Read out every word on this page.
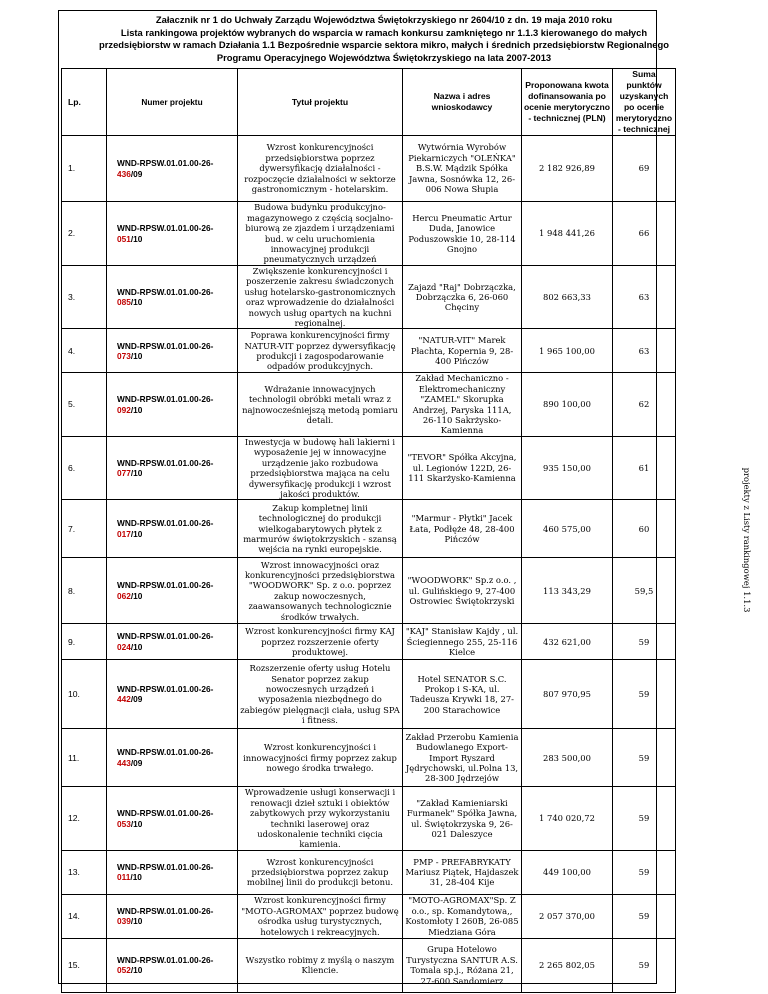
Załacznik nr 1 do Uchwały Zarządu Województwa Świętokrzyskiego nr 2604/10 z dn. 19 maja 2010 roku
Lista rankingowa projektów wybranych do wsparcia w ramach konkursu zamkniętego nr 1.1.3 kierowanego do małych
przedsiębiorstw w ramach Działania 1.1 Bezpośrednie wsparcie sektora mikro, małych i średnich przedsiębiorstw Regionalnego
Programu Operacyjnego Województwa Świętokrzyskiego na lata 2007-2013
Lp.	Numer projektu	Tytuł projektu	Nazwa i adres wnioskodawcy	Proponowana kwota dofinansowania po ocenie merytoryczno - technicznej (PLN)	Suma punktów uzyskanych po ocenie merytoryczno - technicznej	
1.	WND-RPSW.01.01.00-26-
436/09	Wzrost konkurencyjności przedsiębiorstwa poprzez dywersyfikację działalności - rozpoczęcie działalności w sektorze gastronomicznym - hotelarskim.	Wytwórnia Wyrobów Piekarniczych "OLEŃKA" B.S.W. Mądzik Spółka Jawna, Sosnówka 12, 26-006 Nowa Słupia	2 182 926,89	69	
2.	WND-RPSW.01.01.00-26-
051/10	Budowa budynku produkcyjno-magazynowego z częścią socjalno-biurową ze zjazdem i urządzeniami bud. w celu uruchomienia innowacyjnej produkcji pneumatycznych urządzeń	Hercu Pneumatic Artur Duda, Janowice Poduszowskie 10, 28-114 Gnojno	1 948 441,26	66	
3.	WND-RPSW.01.01.00-26-
085/10	Zwiększenie konkurencyjności i poszerzenie zakresu świadczonych usług hotelarsko-gastronomicznych oraz wprowadzenie do działalności nowych usług opartych na kuchni regionalnej.	Zajazd "Raj" Dobrzączka, Dobrzączka 6, 26-060 Chęciny	802 663,33	63	
4.	WND-RPSW.01.01.00-26-
073/10	Poprawa konkurencyjności firmy NATUR-VIT poprzez dywersyfikację produkcji i zagospodarowanie odpadów produkcyjnych.	"NATUR-VIT" Marek Płachta, Kopernia 9, 28-400 Pińczów	1 965 100,00	63	
5.	WND-RPSW.01.01.00-26-
092/10	Wdrażanie innowacyjnych technologii obróbki metali wraz z najnowocześniejszą metodą pomiaru detali.	Zakład Mechaniczno - Elektromechaniczny "ZAMEL" Skorupka Andrzej, Paryska 111A, 26-110 Sakrżysko-Kamienna	890 100,00	62	
6.	WND-RPSW.01.01.00-26-
077/10	Inwestycja w budowę hali lakierni i wyposażenie jej w innowacyjne urządzenie jako rozbudowa przedsiębiorstwa mająca na celu dywersyfikację produkcji i wzrost jakości produktów.	"TEVOR" Spółka Akcyjna, ul. Legionów 122D, 26-111 Skarżysko-Kamienna	935 150,00	61	
7.	WND-RPSW.01.01.00-26-
017/10	Zakup kompletnej linii technologicznej do produkcji wielkogabarytowych płytek z marmurów świętokrzyskich - szansą wejścia na rynki europejskie.	"Marmur - Płytki" Jacek Łata, Podłęże 48, 28-400 Pińczów	460 575,00	60	
8.	WND-RPSW.01.01.00-26-
062/10	Wzrost innowacyjności oraz konkurencyjności przedsiębiorstwa "WOODWORK" Sp. z o.o. poprzez zakup nowoczesnych, zaawansowanych technologicznie środków trwałych.	"WOODWORK" Sp.z o.o. , ul. Gulińskiego 9, 27-400 Ostrowiec Świętokrzyski	113 343,29	59,5	
9.	WND-RPSW.01.01.00-26-
024/10	Wzrost konkurencyjności firmy KAJ poprzez rozszerzenie oferty produktowej.	"KAJ" Stanisław Kajdy , ul. Ściegiennego 255, 25-116 Kielce	432 621,00	59	
10.	WND-RPSW.01.01.00-26-
442/09	Rozszerzenie oferty usług Hotelu Senator poprzez zakup nowoczesnych urządzeń i wyposażenia niezbędnego do zabiegów pielęgnacji ciała, usług SPA i fitness.	Hotel SENATOR S.C. Prokop i S-KA, ul. Tadeusza Krywki 18, 27-200 Starachowice	807 970,95	59	
11.	WND-RPSW.01.01.00-26-
443/09	Wzrost konkurencyjności i innowacyjności firmy poprzez zakup nowego środka trwałego.	Zakład Przerobu Kamienia Budowlanego Export-Import Ryszard Jędrychowski, ul.Polna 13, 28-300 Jędrzejów	283 500,00	59	
12.	WND-RPSW.01.01.00-26-
053/10	Wprowadzenie usługi konserwacji i renowacji dzieł sztuki i obiektów zabytkowych przy wykorzystaniu techniki laserowej oraz udoskonalenie techniki cięcia kamienia.	"Zakład Kamieniarski Furmanek" Spółka Jawna, ul. Świętokrzyska 9, 26-021 Daleszyce	1 740 020,72	59	
13.	WND-RPSW.01.01.00-26-
011/10	Wzrost konkurencyjności przedsiębiorstwa poprzez zakup mobilnej linii do produkcji betonu.	PMP - PREFABRYKATY Mariusz Piątek, Hajdaszek 31, 28-404 Kije	449 100,00	59	
14.	WND-RPSW.01.01.00-26-
039/10	Wzrost konkurencyjności firmy "MOTO-AGROMAX" poprzez budowę ośrodka usług turystycznych, hotelowych i rekreacyjnych.	"MOTO-AGROMAX"Sp. Z o.o., sp. Komandytowa,, Kostomłoty I 260B, 26-085 Miedziana Góra	2 057 370,00	59	
15.	WND-RPSW.01.01.00-26-
052/10	Wszystko robimy z myślą o naszym Kliencie.	Grupa Hotelowo Turystyczna SANTUR A.S. Tomala sp.j., Różana 21, 27-600 Sandomierz	2 265 802,05	59	
projekty z Listy rankingowej 1.1.3
